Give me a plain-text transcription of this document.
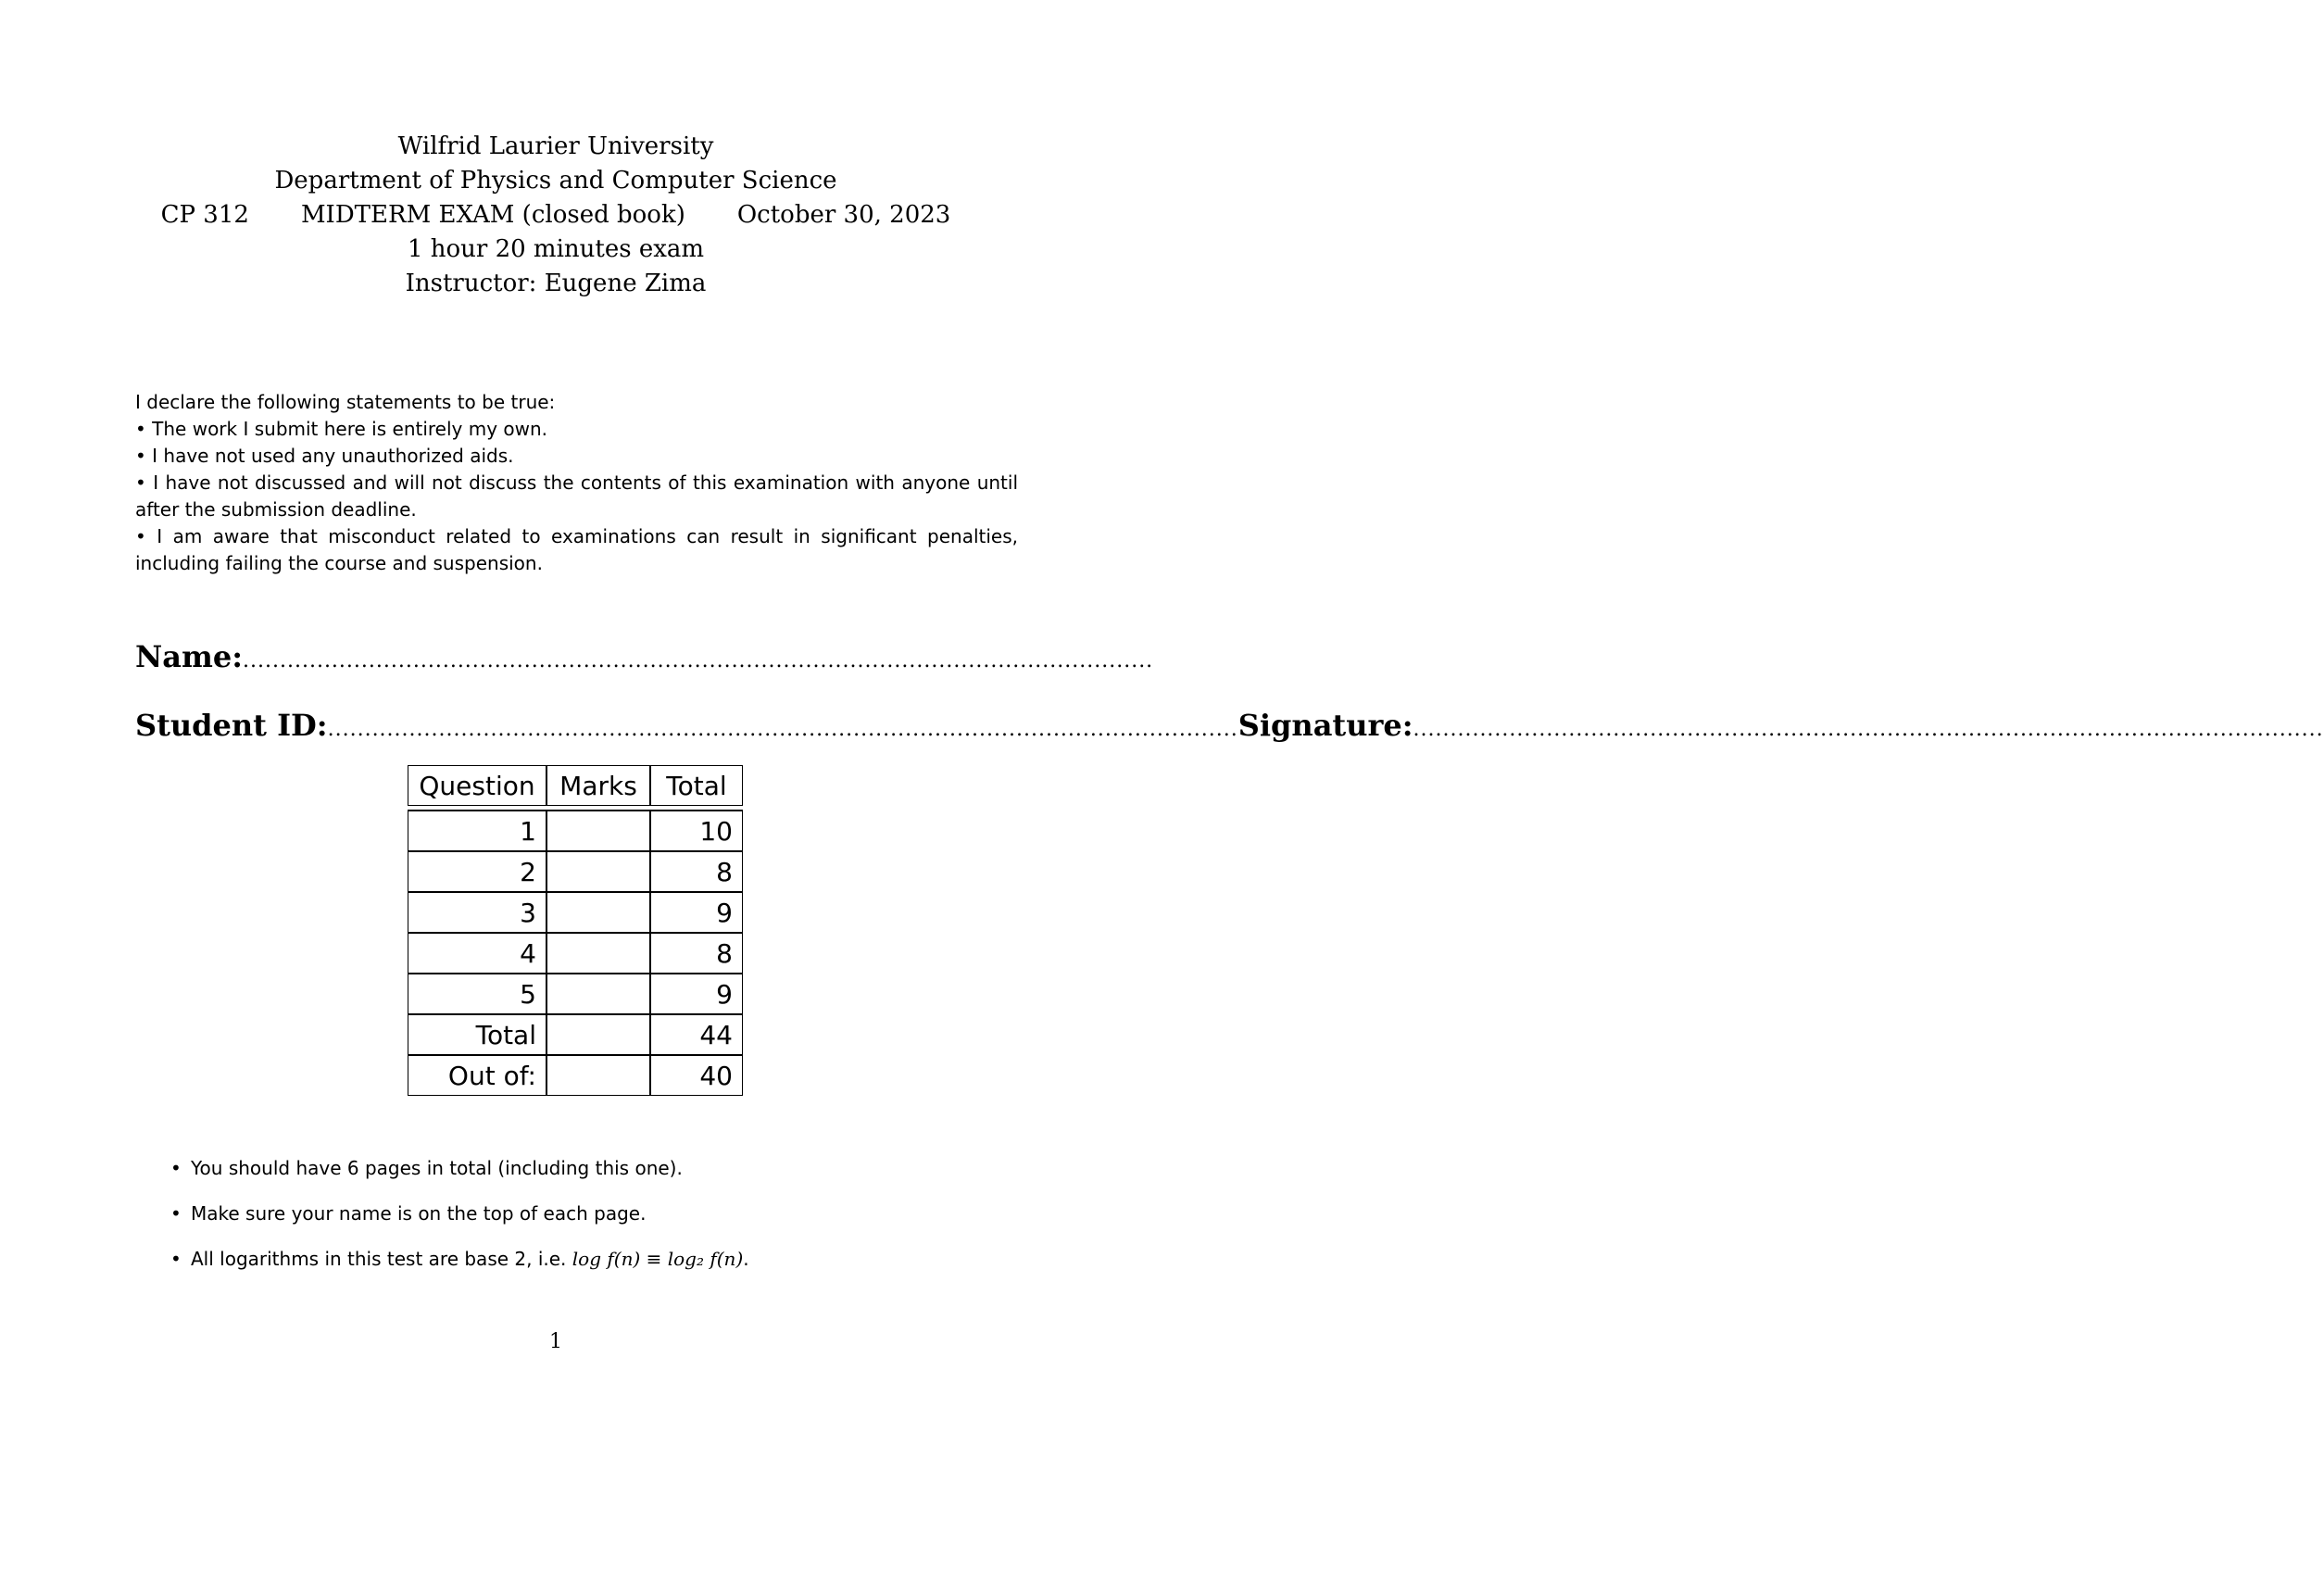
Wilfrid Laurier University
Department of Physics and Computer Science
CP 312 MIDTERM EXAM (closed book) October 30, 2023
1 hour 20 minutes exam
Instructor: Eugene Zima

I declare the following statements to be true:

• The work I submit here is entirely my own.

• I have not used any unauthorized aids.

• I have not discussed and will not discuss the contents of this examination with anyone until after the submission deadline.

• I am aware that misconduct related to examinations can result in significant penalties, including failing the course and suspension.

Name: ...........................................................................................................................
Student ID: ........................................................................................................................... Signature: ...........................................................................................................................
Question	Marks	Total

1		10
2		8
3		9
4		8
5		9
Total		44
Out of:		40
• You should have 6 pages in total (including this one).
• Make sure your name is on the top of each page.
• All logarithms in this test are base 2, i.e. log f(n) ≡ log₂ f(n).
1
